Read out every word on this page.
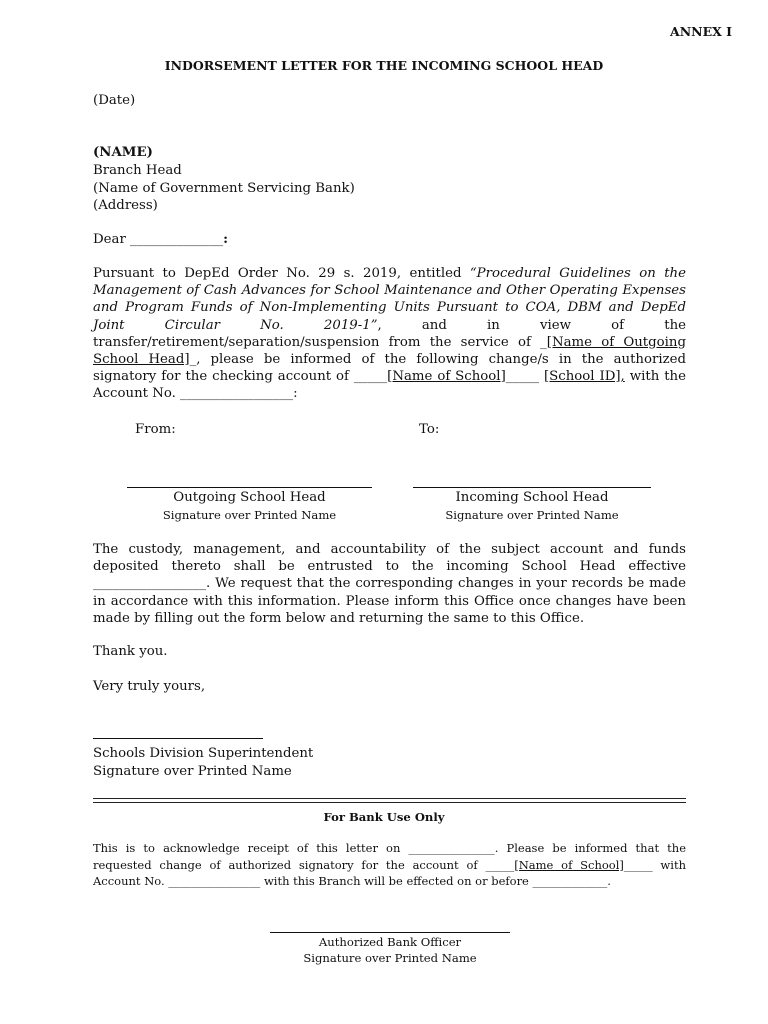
ANNEX I
INDORSEMENT LETTER FOR THE INCOMING SCHOOL HEAD
(Date)
(NAME)
Branch Head
(Name of Government Servicing Bank)
(Address)
Dear ______________:
Pursuant to DepEd Order No. 29 s. 2019, entitled “Procedural Guidelines on the Management of Cash Advances for School Maintenance and Other Operating Expenses and Program Funds of Non-Implementing Units Pursuant to COA, DBM and DepEd Joint Circular No. 2019-1”, and in view of the transfer/retirement/separation/suspension from the service of _[Name of Outgoing School Head]_, please be informed of the following change/s in the authorized signatory for the checking account of _____[Name of School]_____ [School ID], with the Account No. _________________:
From:	To:
Outgoing School Head	Incoming School Head
Signature over Printed Name	Signature over Printed Name
The custody, management, and accountability of the subject account and funds deposited thereto shall be entrusted to the incoming School Head effective _________________. We request that the corresponding changes in your records be made in accordance with this information. Please inform this Office once changes have been made by filling out the form below and returning the same to this Office.
Thank you.
Very truly yours,
Schools Division Superintendent
Signature over Printed Name
For Bank Use Only
This is to acknowledge receipt of this letter on _______________. Please be informed that the requested change of authorized signatory for the account of _____[Name of School]_____ with Account No. ________________ with this Branch will be effected on or before _____________.
Authorized Bank Officer
Signature over Printed Name
